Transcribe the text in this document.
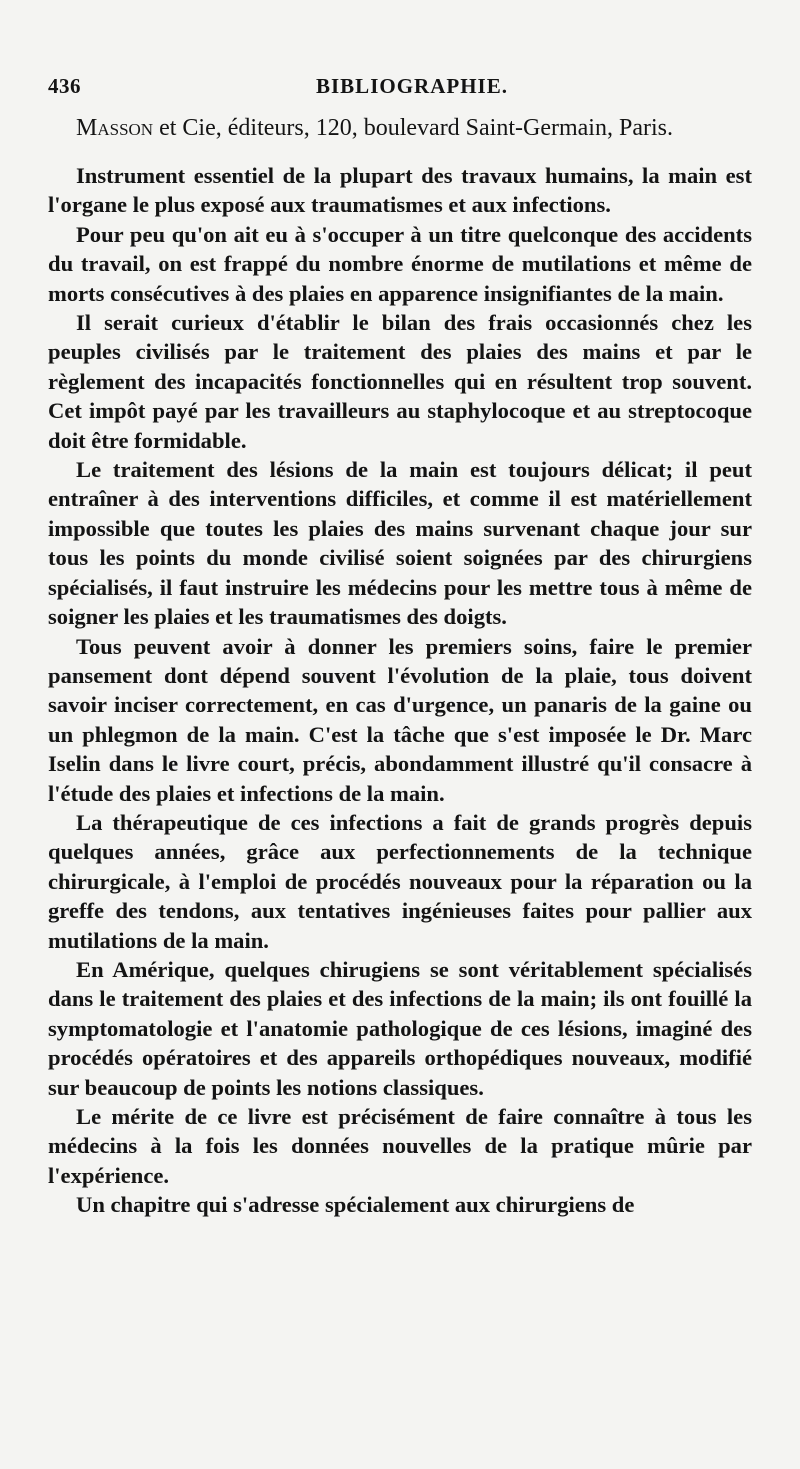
436	BIBLIOGRAPHIE.

Masson et Cie, éditeurs, 120, boulevard Saint-Germain, Paris.

Instrument essentiel de la plupart des travaux humains, la main est l'organe le plus exposé aux traumatismes et aux infections.

Pour peu qu'on ait eu à s'occuper à un titre quelconque des accidents du travail, on est frappé du nombre énorme de mutilations et même de morts consécutives à des plaies en apparence insignifiantes de la main.

Il serait curieux d'établir le bilan des frais occasionnés chez les peuples civilisés par le traitement des plaies des mains et par le règlement des incapacités fonctionnelles qui en résultent trop souvent. Cet impôt payé par les travailleurs au staphylocoque et au streptocoque doit être formidable.

Le traitement des lésions de la main est toujours délicat; il peut entraîner à des interventions difficiles, et comme il est matériellement impossible que toutes les plaies des mains survenant chaque jour sur tous les points du monde civilisé soient soignées par des chirurgiens spécialisés, il faut instruire les médecins pour les mettre tous à même de soigner les plaies et les traumatismes des doigts.

Tous peuvent avoir à donner les premiers soins, faire le premier pansement dont dépend souvent l'évolution de la plaie, tous doivent savoir inciser correctement, en cas d'urgence, un panaris de la gaine ou un phlegmon de la main. C'est la tâche que s'est imposée le Dr. Marc Iselin dans le livre court, précis, abondamment illustré qu'il consacre à l'étude des plaies et infections de la main.

La thérapeutique de ces infections a fait de grands progrès depuis quelques années, grâce aux perfectionnements de la technique chirurgicale, à l'emploi de procédés nouveaux pour la réparation ou la greffe des tendons, aux tentatives ingénieuses faites pour pallier aux mutilations de la main.

En Amérique, quelques chirugiens se sont véritablement spécialisés dans le traitement des plaies et des infections de la main; ils ont fouillé la symptomatologie et l'anatomie pathologique de ces lésions, imaginé des procédés opératoires et des appareils orthopédiques nouveaux, modifié sur beaucoup de points les notions classiques.

Le mérite de ce livre est précisément de faire connaître à tous les médecins à la fois les données nouvelles de la pratique mûrie par l'expérience.

Un chapitre qui s'adresse spécialement aux chirurgiens de
